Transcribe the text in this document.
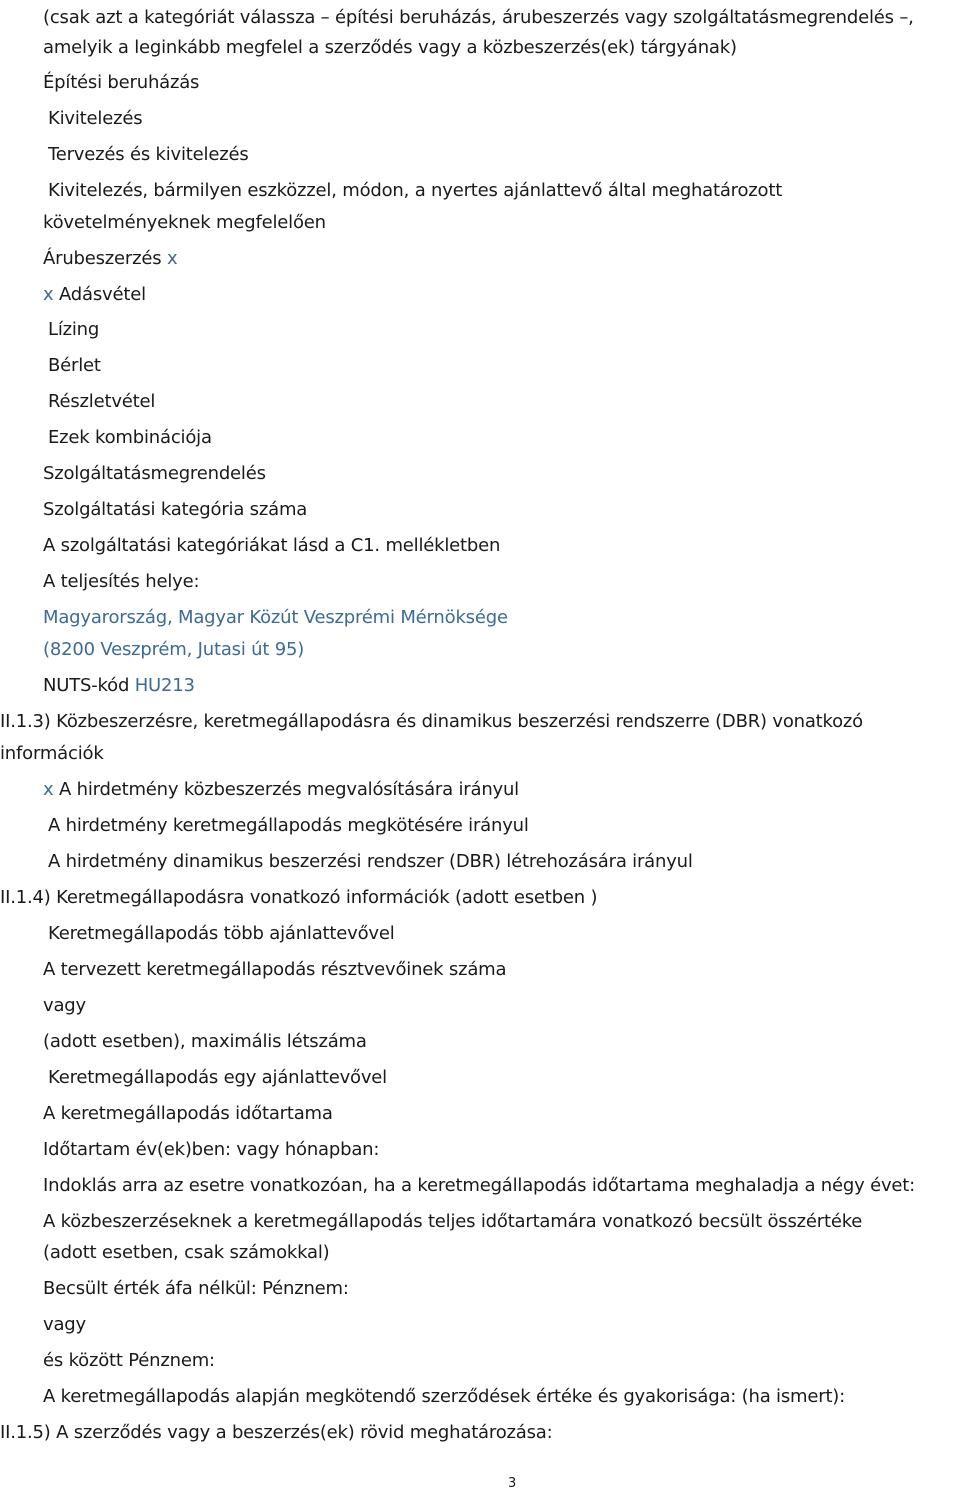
(csak azt a kategóriát válassza – építési beruházás, árubeszerzés vagy szolgáltatásmegrendelés –,
amelyik a leginkább megfelel a szerződés vagy a közbeszerzés(ek) tárgyának)
Építési beruházás
Kivitelezés
Tervezés és kivitelezés
Kivitelezés, bármilyen eszközzel, módon, a nyertes ajánlattevő által meghatározott
követelményeknek megfelelően
Árubeszerzés x
x Adásvétel
Lízing
Bérlet
Részletvétel
Ezek kombinációja
Szolgáltatásmegrendelés
Szolgáltatási kategória száma
A szolgáltatási kategóriákat lásd a C1. mellékletben
A teljesítés helye:
Magyarország, Magyar Közút Veszprémi Mérnöksége
(8200 Veszprém, Jutasi út 95)
NUTS-kód HU213
II.1.3) Közbeszerzésre, keretmegállapodásra és dinamikus beszerzési rendszerre (DBR) vonatkozó
információk
x A hirdetmény közbeszerzés megvalósítására irányul
A hirdetmény keretmegállapodás megkötésére irányul
A hirdetmény dinamikus beszerzési rendszer (DBR) létrehozására irányul
II.1.4) Keretmegállapodásra vonatkozó információk (adott esetben )
Keretmegállapodás több ajánlattevővel
A tervezett keretmegállapodás résztvevőinek száma
vagy
(adott esetben), maximális létszáma
Keretmegállapodás egy ajánlattevővel
A keretmegállapodás időtartama
Időtartam év(ek)ben: vagy hónapban:
Indoklás arra az esetre vonatkozóan, ha a keretmegállapodás időtartama meghaladja a négy évet:
A közbeszerzéseknek a keretmegállapodás teljes időtartamára vonatkozó becsült összértéke
(adott esetben, csak számokkal)
Becsült érték áfa nélkül: Pénznem:
vagy
és között Pénznem:
A keretmegállapodás alapján megkötendő szerződések értéke és gyakorisága: (ha ismert):
II.1.5) A szerződés vagy a beszerzés(ek) rövid meghatározása:
3
